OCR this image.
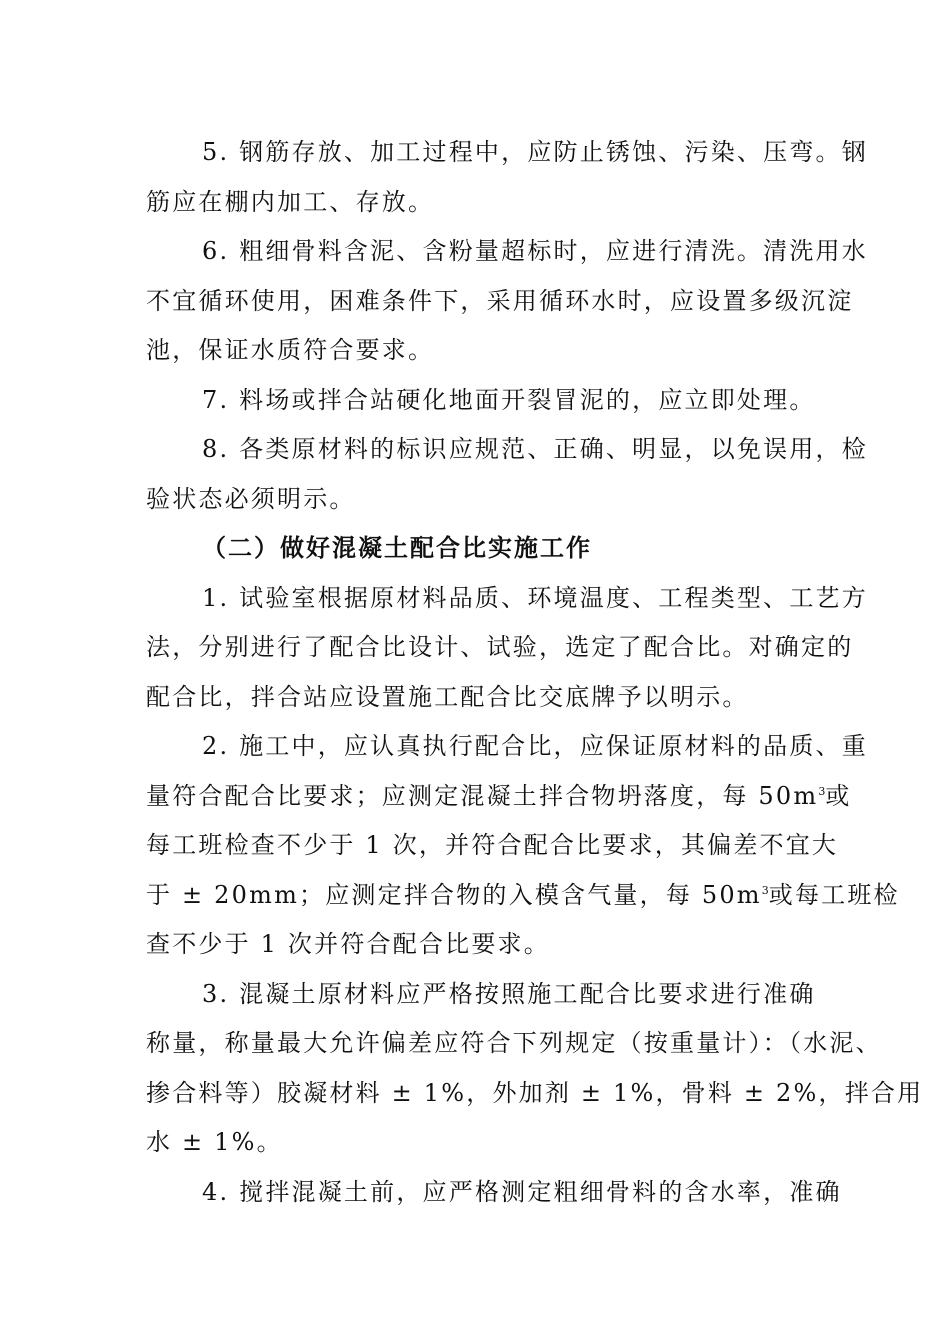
5. 钢筋存放、加工过程中，应防止锈蚀、污染、压弯。钢
筋应在棚内加工、存放。

6. 粗细骨料含泥、含粉量超标时，应进行清洗。清洗用水
不宜循环使用，困难条件下，采用循环水时，应设置多级沉淀
池，保证水质符合要求。

7. 料场或拌合站硬化地面开裂冒泥的，应立即处理。

8. 各类原材料的标识应规范、正确、明显，以免误用，检
验状态必须明示。

（二）做好混凝土配合比实施工作

1. 试验室根据原材料品质、环境温度、工程类型、工艺方
法，分别进行了配合比设计、试验，选定了配合比。对确定的
配合比，拌合站应设置施工配合比交底牌予以明示。

2. 施工中，应认真执行配合比，应保证原材料的品质、重
量符合配合比要求；应测定混凝土拌合物坍落度，每 $50m^3$或
每工班检查不少于 1 次，并符合配合比要求，其偏差不宜大
于 ± 20mm；应测定拌合物的入模含气量，每 $50m^3$或每工班检
查不少于 1 次并符合配合比要求。

3. 混凝土原材料应严格按照施工配合比要求进行准确
称量，称量最大允许偏差应符合下列规定（按重量计）：（水泥、
掺合料等）胶凝材料 ± 1%，外加剂 ± 1%，骨料 ± 2%，拌合用
水 ± 1%。

4. 搅拌混凝土前，应严格测定粗细骨料的含水率，准确
